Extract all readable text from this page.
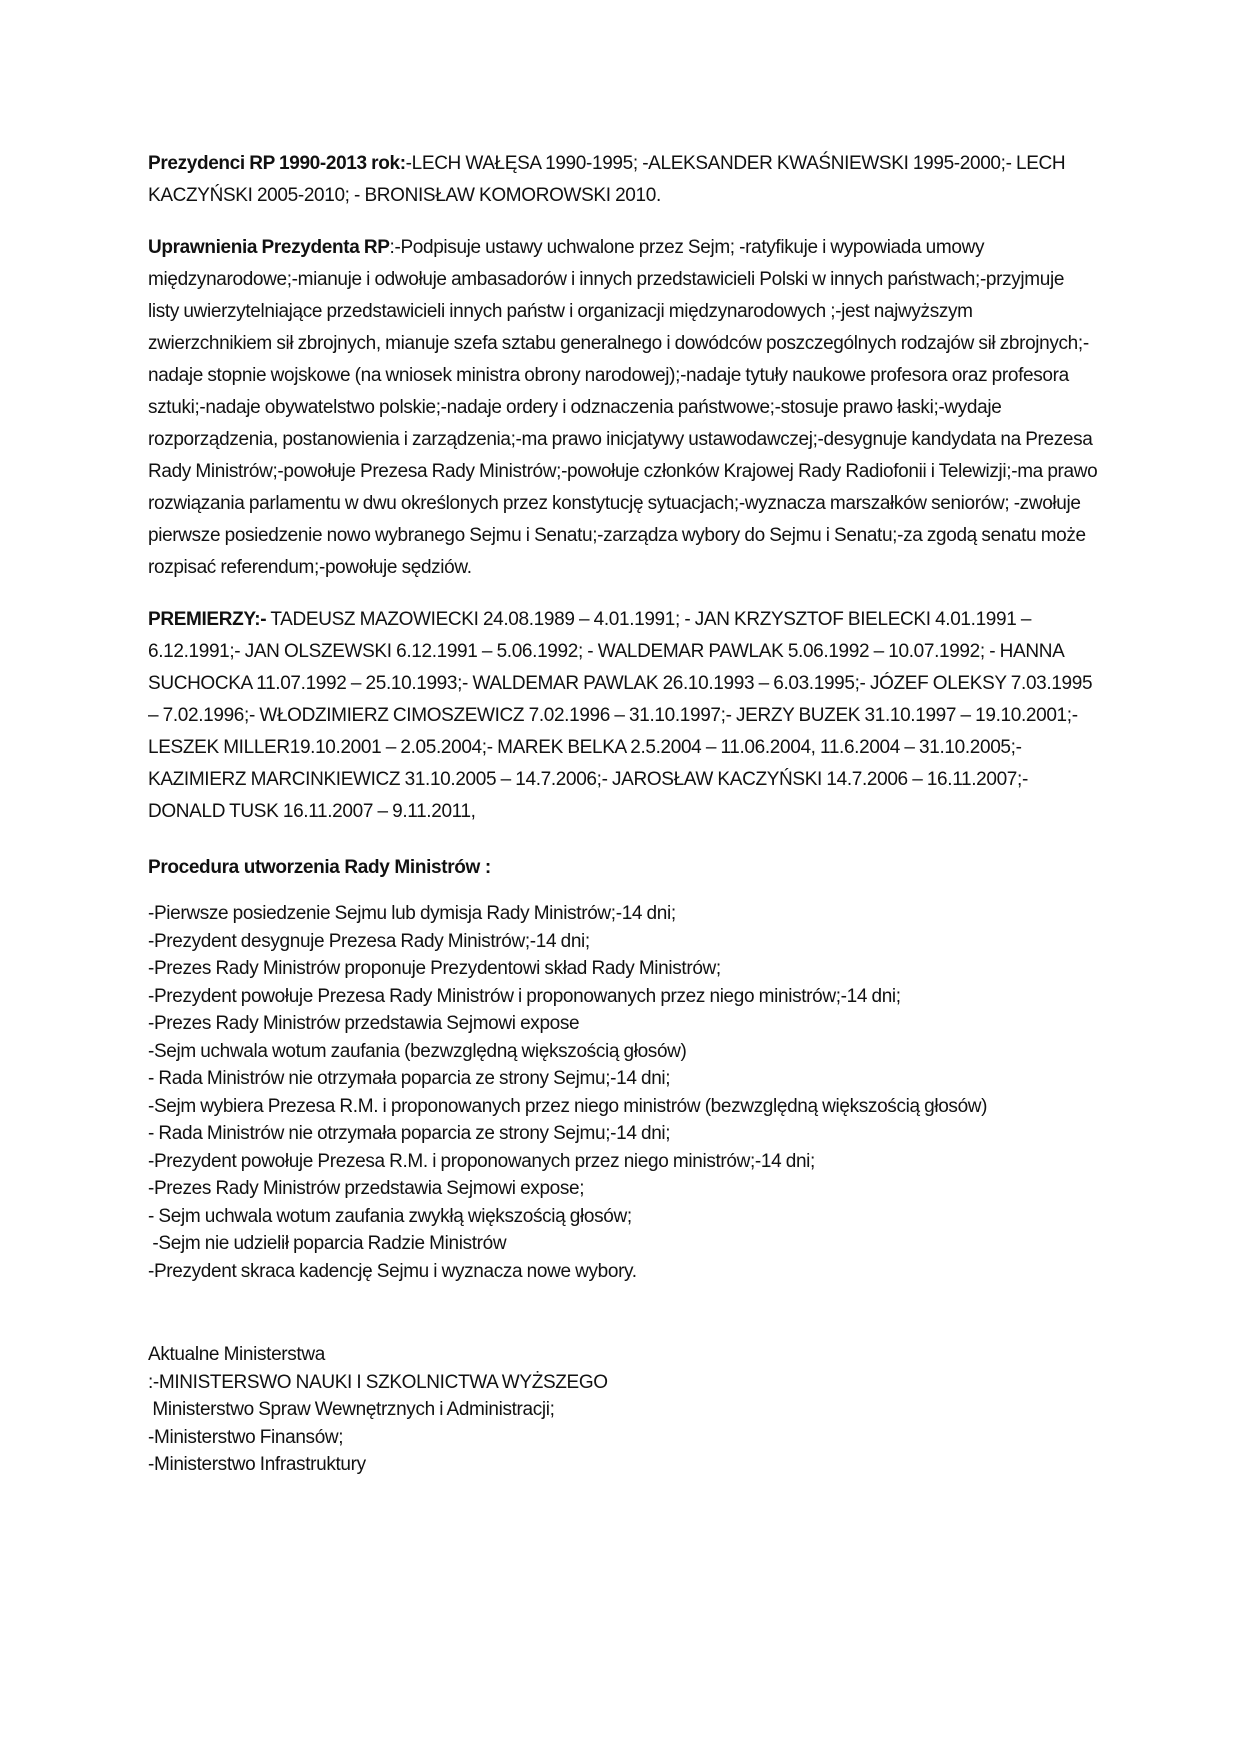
Prezydenci RP 1990-2013 rok:-LECH WAŁĘSA 1990-1995; -ALEKSANDER KWAŚNIEWSKI 1995-2000;- LECH KACZYŃSKI 2005-2010; - BRONISŁAW KOMOROWSKI 2010.

Uprawnienia Prezydenta RP:-Podpisuje ustawy uchwalone przez Sejm; -ratyfikuje i wypowiada umowy międzynarodowe;-mianuje i odwołuje ambasadorów i innych przedstawicieli Polski w innych państwach;-przyjmuje listy uwierzytelniające przedstawicieli innych państw i organizacji międzynarodowych ;-jest najwyższym zwierzchnikiem sił zbrojnych, mianuje szefa sztabu generalnego i dowódców poszczególnych rodzajów sił zbrojnych;-nadaje stopnie wojskowe (na wniosek ministra obrony narodowej);-nadaje tytuły naukowe profesora oraz profesora sztuki;-nadaje obywatelstwo polskie;-nadaje ordery i odznaczenia państwowe;-stosuje prawo łaski;-wydaje rozporządzenia, postanowienia i zarządzenia;-ma prawo inicjatywy ustawodawczej;-desygnuje kandydata na Prezesa Rady Ministrów;-powołuje Prezesa Rady Ministrów;-powołuje członków Krajowej Rady Radiofonii i Telewizji;-ma prawo rozwiązania parlamentu w dwu określonych przez konstytucję sytuacjach;-wyznacza marszałków seniorów; -zwołuje pierwsze posiedzenie nowo wybranego Sejmu i Senatu;-zarządza wybory do Sejmu i Senatu;-za zgodą senatu może rozpisać referendum;-powołuje sędziów.

PREMIERZY:- TADEUSZ MAZOWIECKI 24.08.1989 – 4.01.1991; - JAN KRZYSZTOF BIELECKI 4.01.1991 – 6.12.1991;- JAN OLSZEWSKI 6.12.1991 – 5.06.1992; - WALDEMAR PAWLAK 5.06.1992 – 10.07.1992; - HANNA SUCHOCKA 11.07.1992 – 25.10.1993;- WALDEMAR PAWLAK 26.10.1993 – 6.03.1995;- JÓZEF OLEKSY 7.03.1995 – 7.02.1996;- WŁODZIMIERZ CIMOSZEWICZ 7.02.1996 – 31.10.1997;- JERZY BUZEK 31.10.1997 – 19.10.2001;- LESZEK MILLER19.10.2001 – 2.05.2004;- MAREK BELKA 2.5.2004 – 11.06.2004, 11.6.2004 – 31.10.2005;- KAZIMIERZ MARCINKIEWICZ 31.10.2005 – 14.7.2006;- JAROSŁAW KACZYŃSKI 14.7.2006 – 16.11.2007;- DONALD TUSK 16.11.2007 – 9.11.2011,

Procedura utworzenia Rady Ministrów :
-Pierwsze posiedzenie Sejmu lub dymisja Rady Ministrów;-14 dni;
-Prezydent desygnuje Prezesa Rady Ministrów;-14 dni;
-Prezes Rady Ministrów proponuje Prezydentowi skład Rady Ministrów;
-Prezydent powołuje Prezesa Rady Ministrów i proponowanych przez niego ministrów;-14 dni;
-Prezes Rady Ministrów przedstawia Sejmowi expose
-Sejm uchwala wotum zaufania (bezwzględną większością głosów)
- Rada Ministrów nie otrzymała poparcia ze strony Sejmu;-14 dni;
-Sejm wybiera Prezesa R.M. i proponowanych przez niego ministrów (bezwzględną większością głosów)
- Rada Ministrów nie otrzymała poparcia ze strony Sejmu;-14 dni;
-Prezydent powołuje Prezesa R.M. i proponowanych przez niego ministrów;-14 dni;
-Prezes Rady Ministrów przedstawia Sejmowi expose;
- Sejm uchwala wotum zaufania zwykłą większością głosów;
-Sejm nie udzielił poparcia Radzie Ministrów
-Prezydent skraca kadencję Sejmu i wyznacza nowe wybory.
Aktualne Ministerstwa
:-MINISTERSWO NAUKI I SZKOLNICTWA WYŻSZEGO
Ministerstwo Spraw Wewnętrznych i Administracji;
-Ministerstwo Finansów;
-Ministerstwo Infrastruktury
